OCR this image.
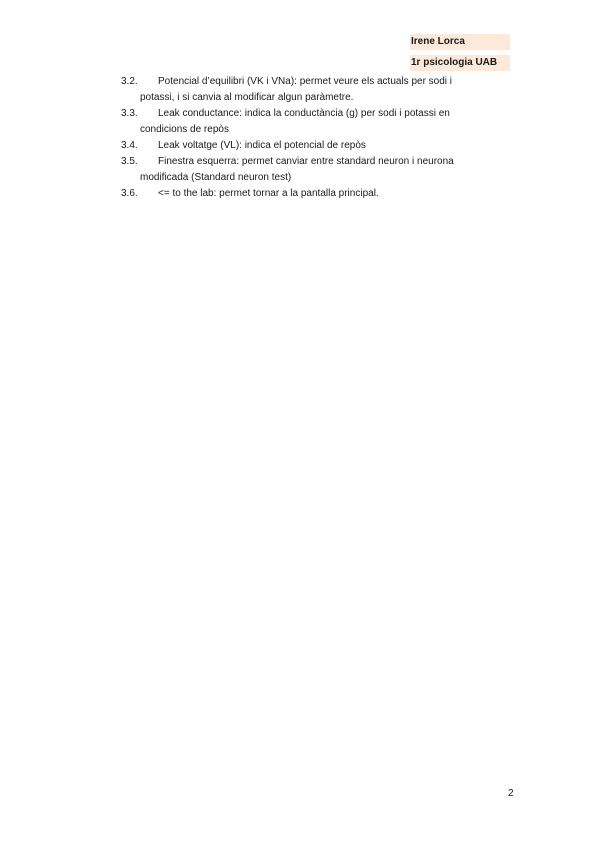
Irene Lorca
1r psicologia UAB
3.2.	Potencial d’equilibri (VK i VNa): permet veure els actuals per sodi i
potassi, i si canvia al modificar algun paràmetre.
3.3.	Leak conductance: indica la conductància (g) per sodi i potassi en
condicions de repòs
3.4.	Leak voltatge (VL): indica el potencial de repòs
3.5.	Finestra esquerra: permet canviar entre standard neuron i neurona
modificada (Standard neuron test)
3.6.	<= to the lab: permet tornar a la pantalla principal.
2
